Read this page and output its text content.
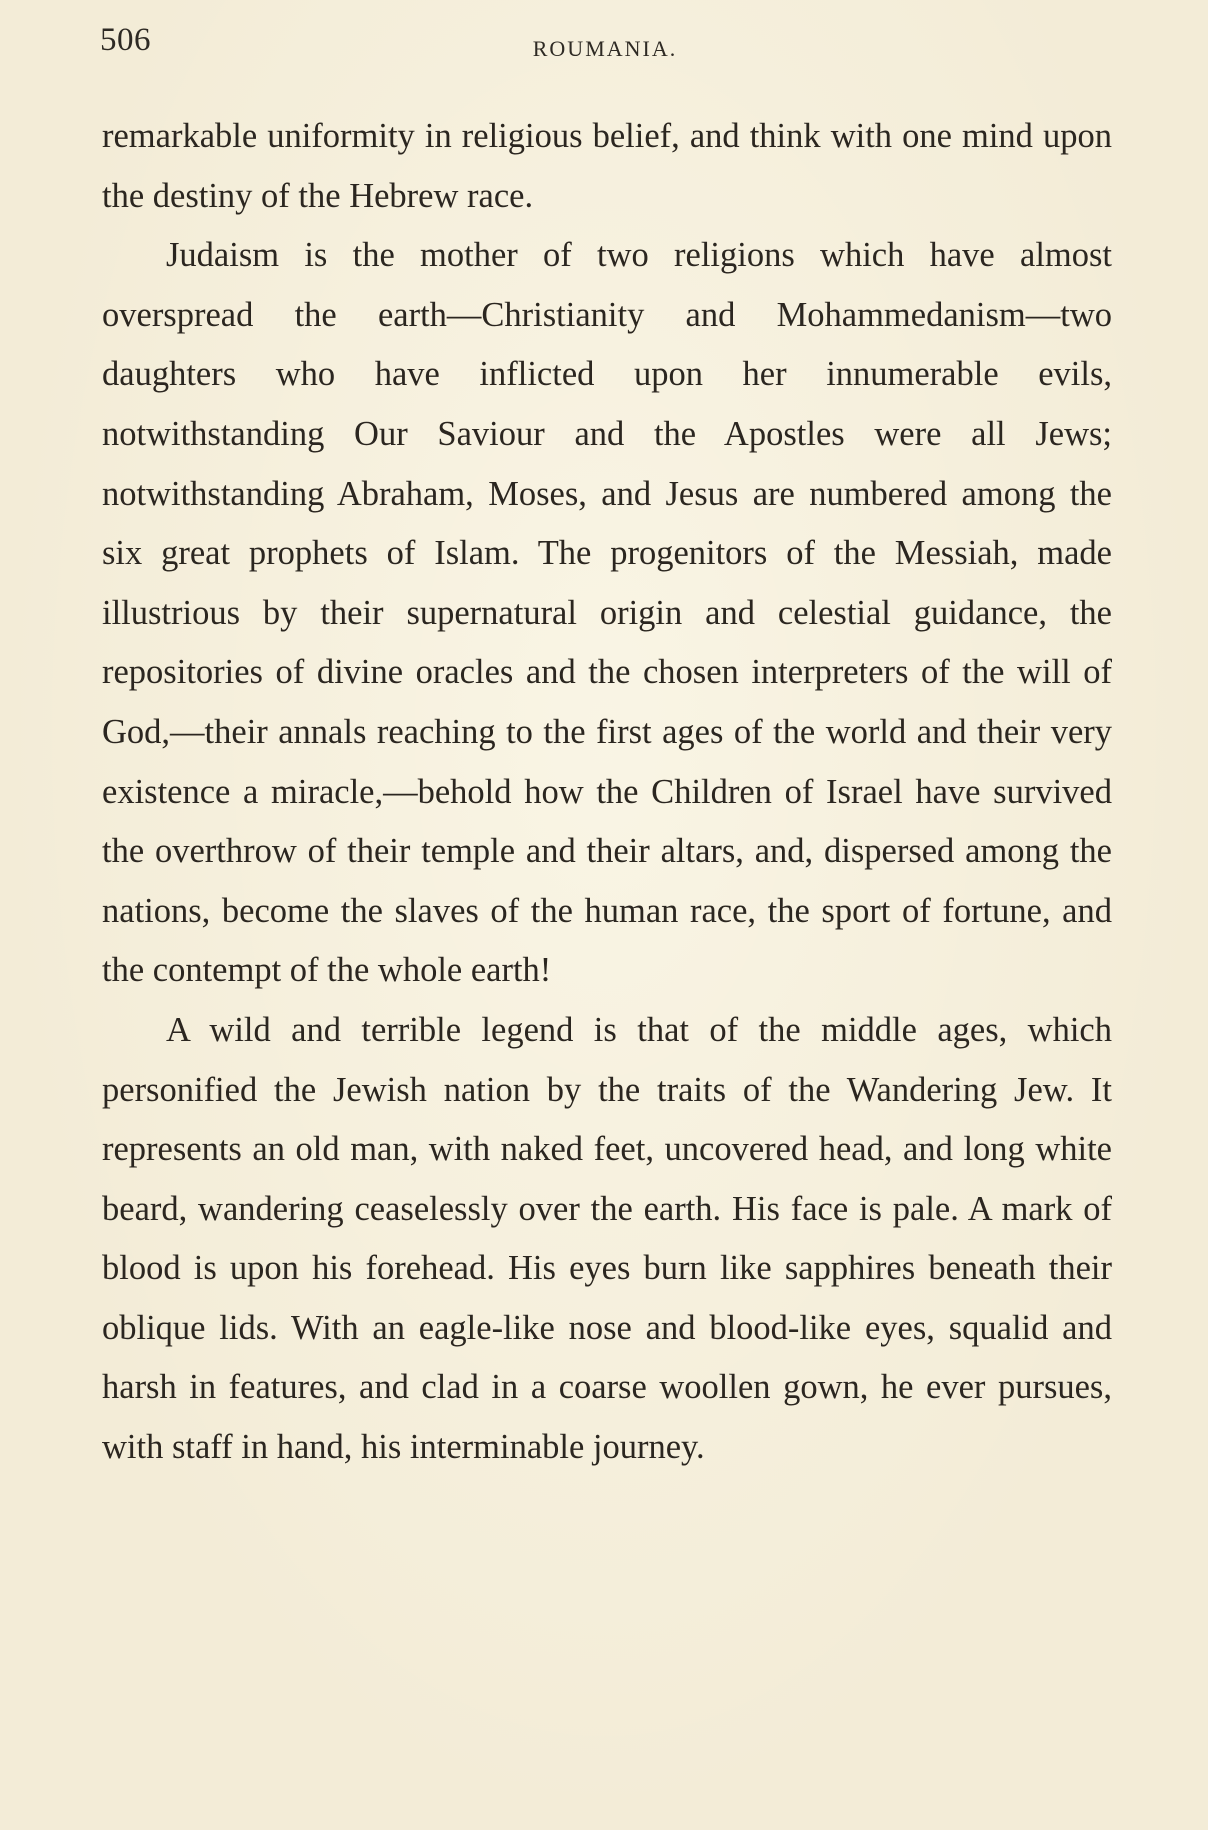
506	ROUMANIA.

remarkable uniformity in religious belief, and think with one mind upon the destiny of the Hebrew race.

Judaism is the mother of two religions which have almost overspread the earth—Christianity and Mohammedanism—two daughters who have inflicted upon her innumerable evils, notwithstanding Our Saviour and the Apostles were all Jews; notwithstanding Abraham, Moses, and Jesus are numbered among the six great prophets of Islam. The progenitors of the Messiah, made illustrious by their supernatural origin and celestial guidance, the repositories of divine oracles and the chosen interpreters of the will of God,—their annals reaching to the first ages of the world and their very existence a miracle,—behold how the Children of Israel have survived the overthrow of their temple and their altars, and, dispersed among the nations, become the slaves of the human race, the sport of fortune, and the contempt of the whole earth!

A wild and terrible legend is that of the middle ages, which personified the Jewish nation by the traits of the Wandering Jew. It represents an old man, with naked feet, uncovered head, and long white beard, wandering ceaselessly over the earth. His face is pale. A mark of blood is upon his forehead. His eyes burn like sapphires beneath their oblique lids. With an eagle-like nose and blood-like eyes, squalid and harsh in features, and clad in a coarse woollen gown, he ever pursues, with staff in hand, his interminable journey.
